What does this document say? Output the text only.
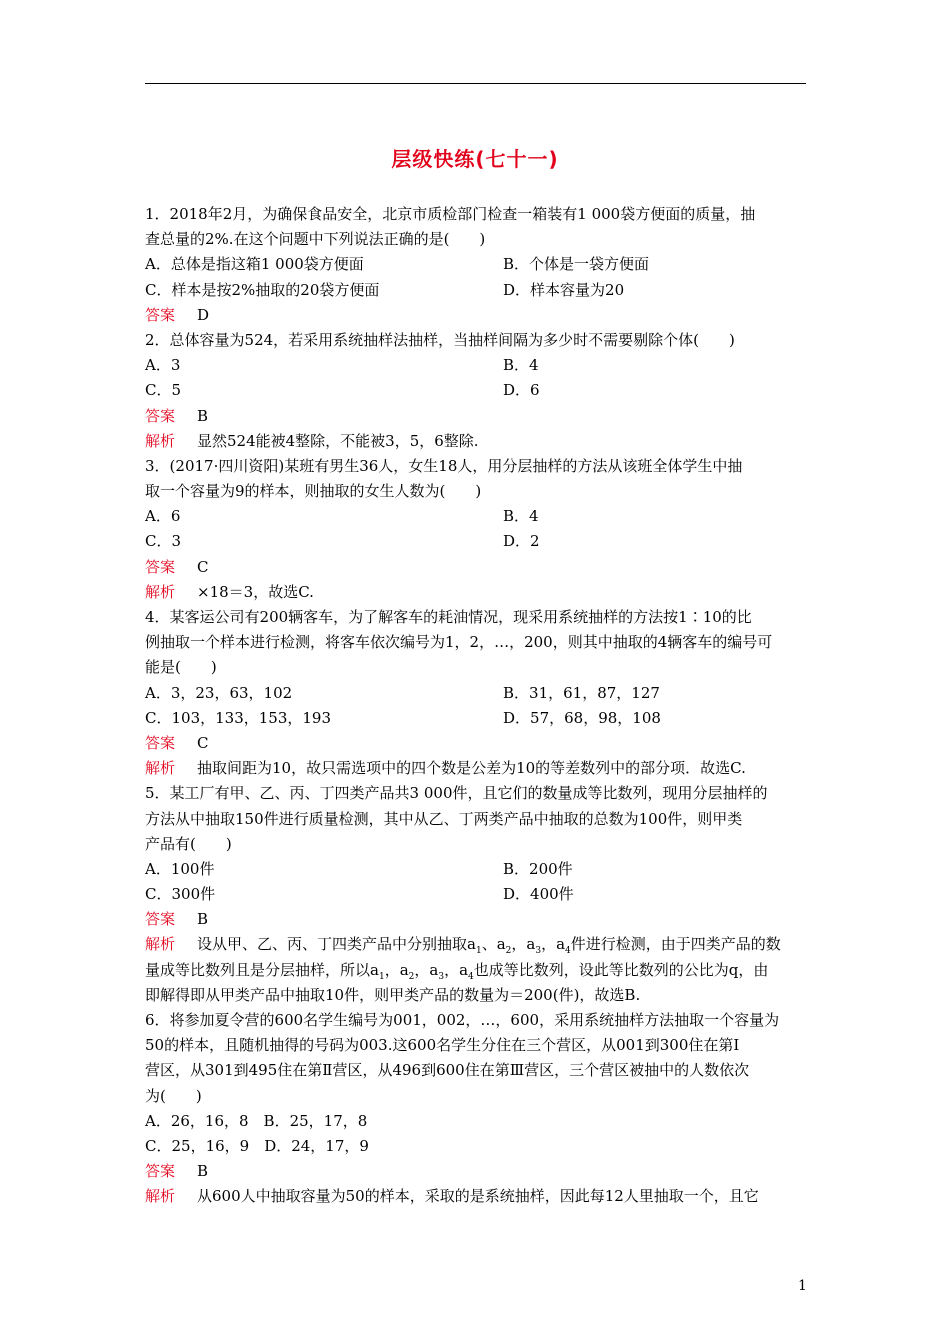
层级快练(七十一)
1．2018年2月，为确保食品安全，北京市质检部门检查一箱装有1 000袋方便面的质量，抽
查总量的2%.在这个问题中下列说法正确的是(　　)
A．总体是指这箱1 000袋方便面	B．个体是一袋方便面
C．样本是按2%抽取的20袋方便面	D．样本容量为20
答案 D
2．总体容量为524，若采用系统抽样法抽样，当抽样间隔为多少时不需要剔除个体(　　)
A．3	B．4
C．5	D．6
答案 B
解析 显然524能被4整除，不能被3，5，6整除.
3．(2017·四川资阳)某班有男生36人，女生18人，用分层抽样的方法从该班全体学生中抽
取一个容量为9的样本，则抽取的女生人数为(　　)
A．6	B．4
C．3	D．2
答案 C
解析 ×18＝3，故选C.
4．某客运公司有200辆客车，为了解客车的耗油情况，现采用系统抽样的方法按1∶10的比
例抽取一个样本进行检测，将客车依次编号为1，2，…，200，则其中抽取的4辆客车的编号可
能是(　　)
A．3，23，63，102	B．31，61，87，127
C．103，133，153，193	D．57，68，98，108
答案 C
解析 抽取间距为10，故只需选项中的四个数是公差为10的等差数列中的部分项．故选C.
5．某工厂有甲、乙、丙、丁四类产品共3 000件，且它们的数量成等比数列，现用分层抽样的
方法从中抽取150件进行质量检测，其中从乙、丁两类产品中抽取的总数为100件，则甲类
产品有(　　)
A．100件	B．200件
C．300件	D．400件
答案 B
解析 设从甲、乙、丙、丁四类产品中分别抽取$a_1$、$a_2$，$a_3$，$a_4$件进行检测，由于四类产品的数
量成等比数列且是分层抽样，所以$a_1$，$a_2$，$a_3$，$a_4$也成等比数列，设此等比数列的公比为q，由
即解得即从甲类产品中抽取10件，则甲类产品的数量为＝200(件)，故选B.
6．将参加夏令营的600名学生编号为001，002，…，600，采用系统抽样方法抽取一个容量为
50的样本，且随机抽得的号码为003.这600名学生分住在三个营区，从001到300住在第Ⅰ
营区，从301到495住在第Ⅱ营区，从496到600住在第Ⅲ营区，三个营区被抽中的人数依次
为(　　)
A．26，16，8　B．25，17，8
C．25，16，9　D．24，17，9
答案 B
解析 从600人中抽取容量为50的样本，采取的是系统抽样，因此每12人里抽取一个，且它
1
